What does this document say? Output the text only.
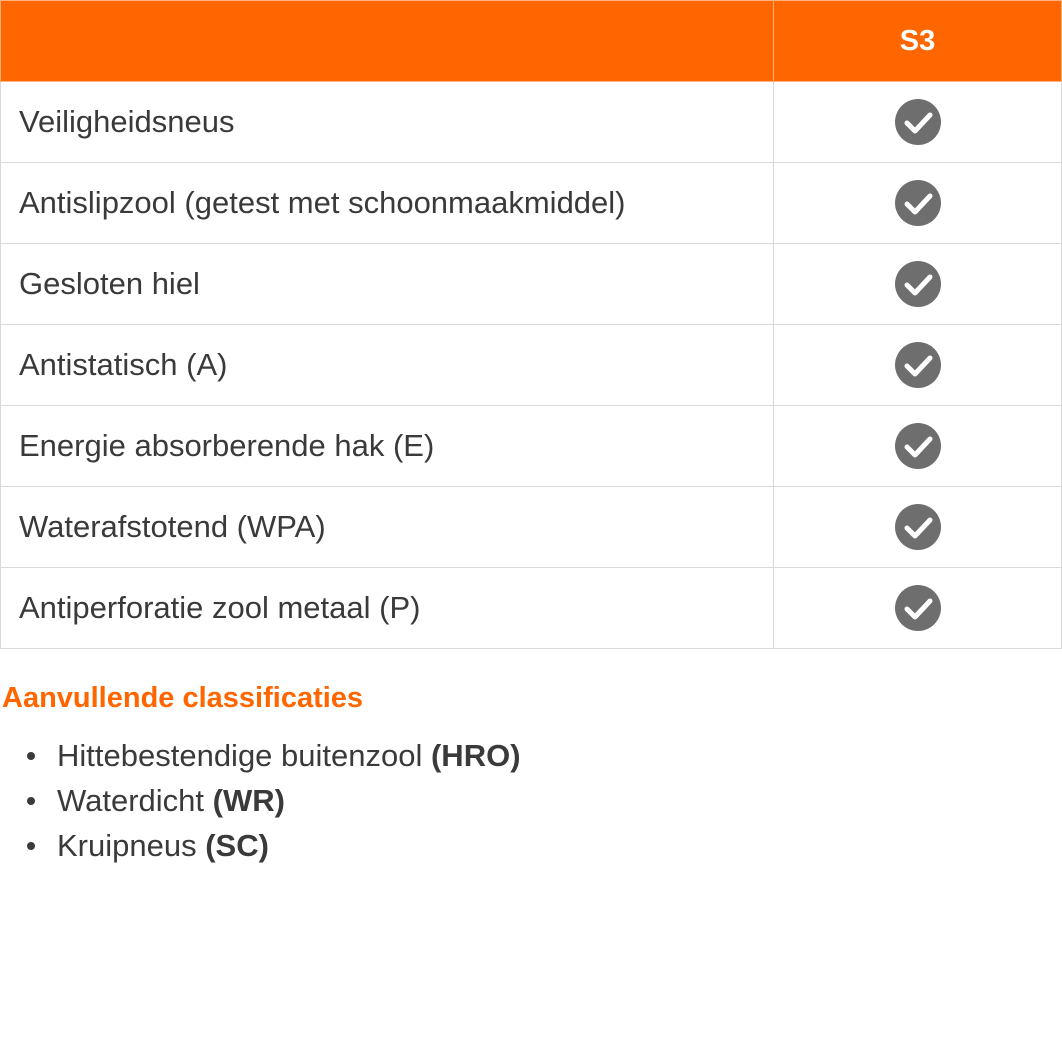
	S3
Veiligheidsneus	
Antislipzool (getest met schoonmaakmiddel)	
Gesloten hiel	
Antistatisch (A)	
Energie absorberende hak (E)	
Waterafstotend (WPA)	
Antiperforatie zool metaal (P)	
Aanvullende classificaties
Hittebestendige buitenzool (HRO)
Waterdicht (WR)
Kruipneus (SC)
